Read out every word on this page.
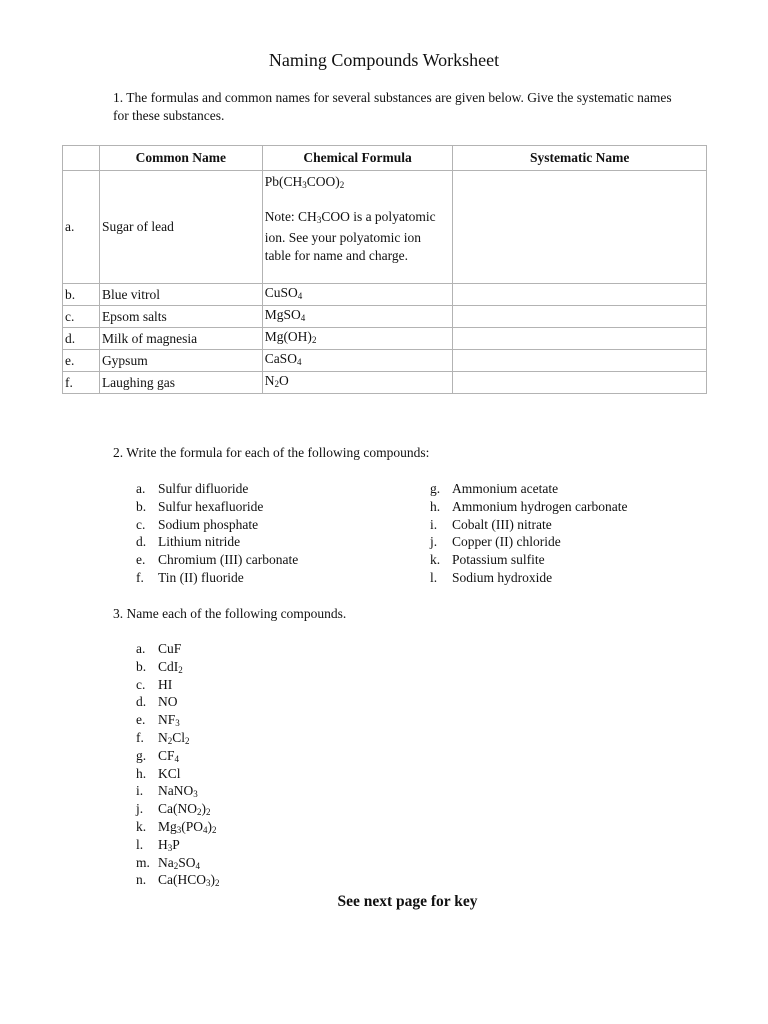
Naming Compounds Worksheet
1. The formulas and common names for several substances are given below. Give the systematic names for these substances.
	Common Name	Chemical Formula	Systematic Name
a.	Sugar of lead	$Pb(CH_3COO)_2$
Note: $CH_3COO$ is a polyatomic ion. See your polyatomic ion table for name and charge.	

b.	Blue vitrol	CuSO$_4$	
c.	Epsom salts	MgSO$_4$	
d.	Milk of magnesia	$Mg(OH)_2$	
e.	Gypsum	CaSO$_4$	
f.	Laughing gas	$N_2O$	
2. Write the formula for each of the following compounds:
a. Sulfur difluoride
b. Sulfur hexafluoride
c. Sodium phosphate
d. Lithium nitride
e. Chromium (III) carbonate
f. Tin (II) fluoride
g. Ammonium acetate
h. Ammonium hydrogen carbonate
i. Cobalt (III) nitrate
j. Copper (II) chloride
k. Potassium sulfite
l. Sodium hydroxide
3. Name each of the following compounds.
a. CuF
b. CdI$_2$
c. HI
d. NO
e. $NF_3$
f. $N_2Cl_2$
g. $CF_4$
h. KCl
i. NaNO$_3$
j. $Ca(NO_2)_2$
k. $Mg_3(PO_4)_2$
l. $H_3P$
m. $Na_2SO_4$
n. $Ca(HCO_3)_2$
See next page for key
